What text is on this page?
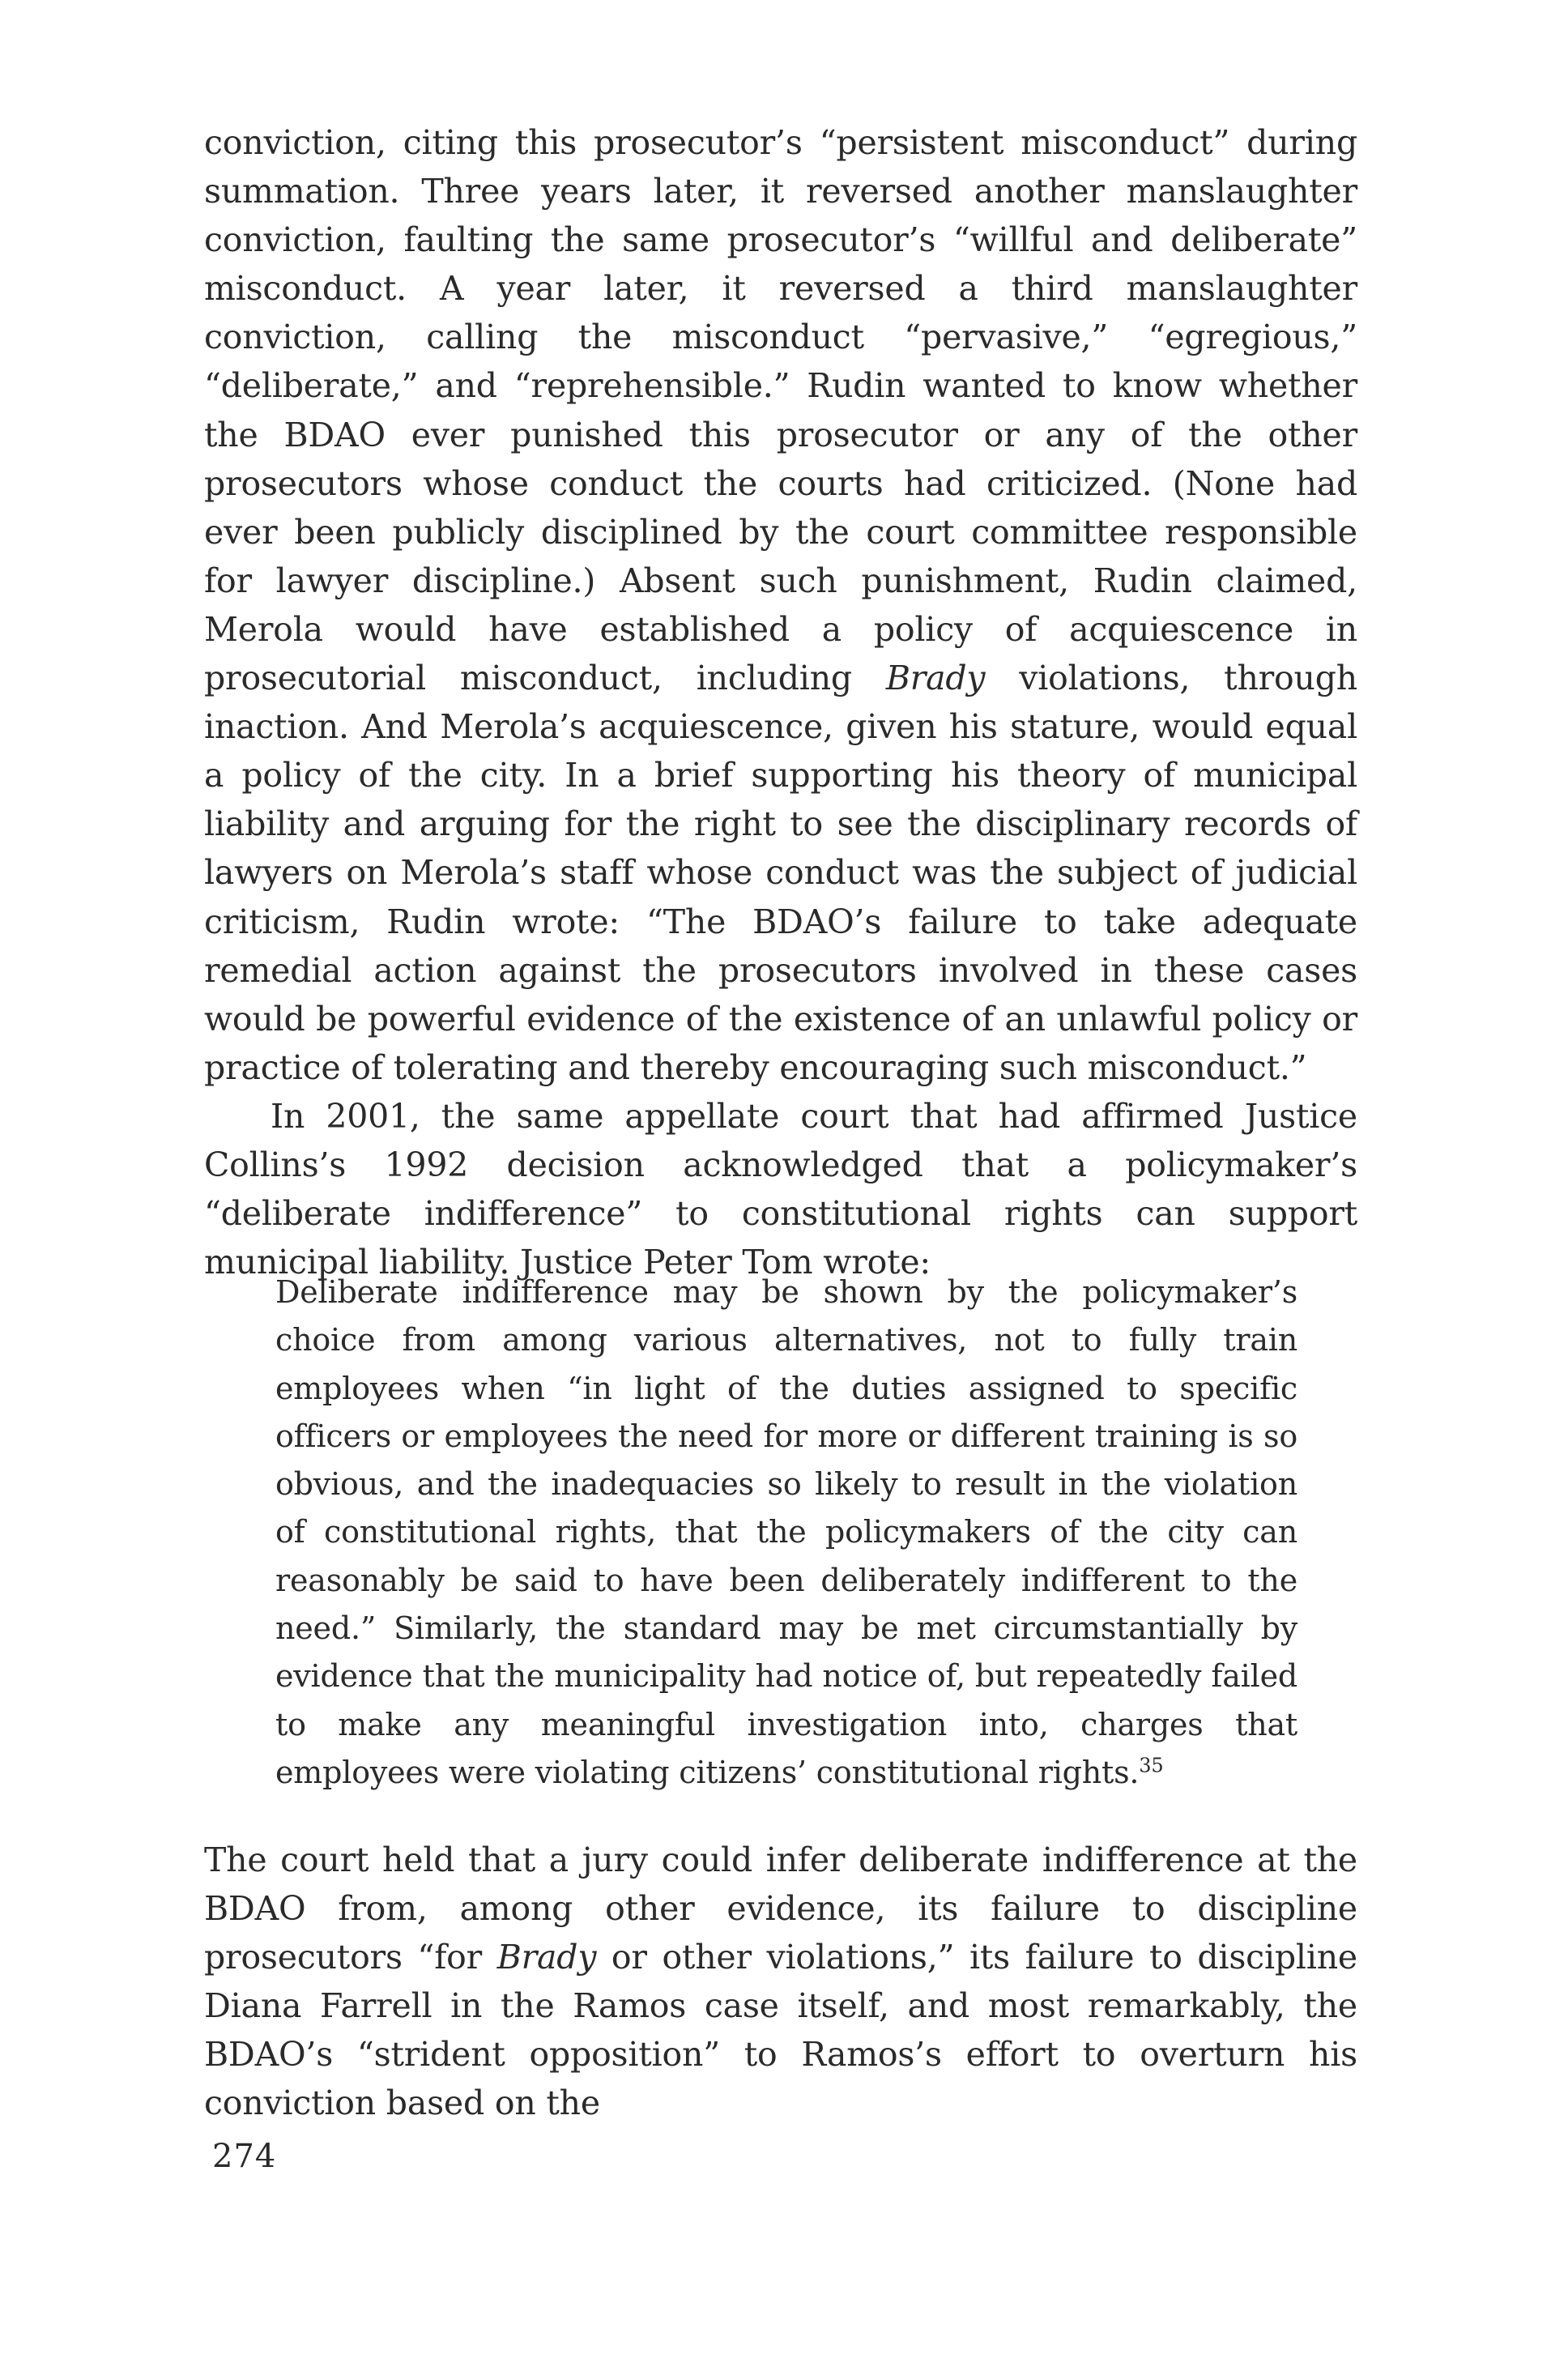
conviction, citing this prosecutor’s “persistent misconduct” during summation. Three years later, it reversed another manslaughter conviction, faulting the same prosecutor’s “willful and deliberate” misconduct. A year later, it reversed a third manslaughter conviction, calling the misconduct “pervasive,” “egregious,” “deliberate,” and “reprehensible.” Rudin wanted to know whether the BDAO ever punished this prosecutor or any of the other prosecutors whose conduct the courts had criticized. (None had ever been publicly disciplined by the court committee responsible for lawyer discipline.) Absent such punishment, Rudin claimed, Merola would have established a policy of acquiescence in prosecutorial misconduct, including Brady violations, through inaction. And Merola’s acquiescence, given his stature, would equal a policy of the city. In a brief supporting his theory of municipal liability and arguing for the right to see the disciplinary records of lawyers on Merola’s staff whose conduct was the subject of judicial criticism, Rudin wrote: “The BDAO’s failure to take adequate remedial action against the prosecutors involved in these cases would be powerful evidence of the existence of an unlawful policy or practice of tolerating and thereby encouraging such misconduct.”

In 2001, the same appellate court that had affirmed Justice Collins’s 1992 decision acknowledged that a policymaker’s “deliberate indifference” to constitutional rights can support municipal liability. Justice Peter Tom wrote:

Deliberate indifference may be shown by the policymaker’s choice from among various alternatives, not to fully train employees when “in light of the duties assigned to specific officers or employees the need for more or different training is so obvious, and the inadequacies so likely to result in the violation of constitutional rights, that the policymakers of the city can reasonably be said to have been deliberately indifferent to the need.” Similarly, the standard may be met circumstantially by evidence that the municipality had notice of, but repeatedly failed to make any meaningful investigation into, charges that employees were violating citizens’ constitutional rights.$^{35}$

The court held that a jury could infer deliberate indifference at the BDAO from, among other evidence, its failure to discipline prosecutors “for Brady or other violations,” its failure to discipline Diana Farrell in the Ramos case itself, and most remarkably, the BDAO’s “strident opposition” to Ramos’s effort to overturn his conviction based on the

274
